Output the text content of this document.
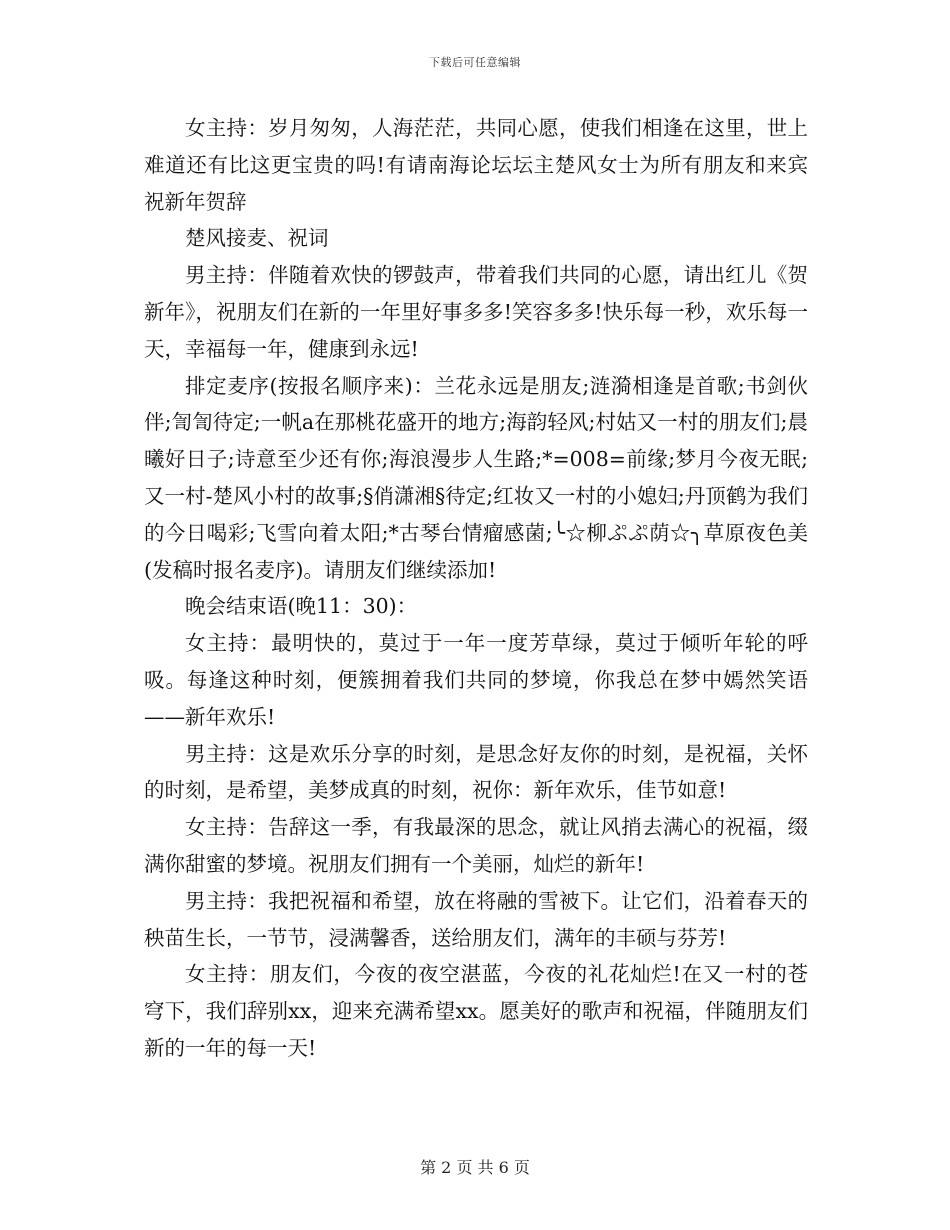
下载后可任意编辑

女主持：岁月匆匆，人海茫茫，共同心愿，使我们相逢在这里，世上难道还有比这更宝贵的吗!有请南海论坛坛主楚风女士为所有朋友和来宾祝新年贺辞

楚风接麦、祝词

男主持：伴随着欢快的锣鼓声，带着我们共同的心愿，请出红儿《贺新年》，祝朋友们在新的一年里好事多多!笑容多多!快乐每一秒，欢乐每一天，幸福每一年，健康到永远!

排定麦序(按报名顺序来)：兰花永远是朋友;涟漪相逢是首歌;书剑伙伴;訇訇待定;一帆a在那桃花盛开的地方;海韵轻风;村姑又一村的朋友们;晨曦好日子;诗意至少还有你;海浪漫步人生路;*=008=前缘;梦月今夜无眠;又一村-楚风小村的故事;§俏潇湘§待定;红妆又一村的小媳妇;丹顶鹤为我们的今日喝彩;飞雪向着太阳;*古琴台情瘤感菌;╰☆柳ぷぷ荫☆╮草原夜色美(发稿时报名麦序)。请朋友们继续添加!

晚会结束语(晚11：30)：

女主持：最明快的，莫过于一年一度芳草绿，莫过于倾听年轮的呼吸。每逢这种时刻，便簇拥着我们共同的梦境，你我总在梦中嫣然笑语——新年欢乐!

男主持：这是欢乐分享的时刻，是思念好友你的时刻，是祝福，关怀的时刻，是希望，美梦成真的时刻，祝你：新年欢乐，佳节如意!

女主持：告辞这一季，有我最深的思念，就让风捎去满心的祝福，缀满你甜蜜的梦境。祝朋友们拥有一个美丽，灿烂的新年!

男主持：我把祝福和希望，放在将融的雪被下。让它们，沿着春天的秧苗生长，一节节，浸满馨香，送给朋友们，满年的丰硕与芬芳!

女主持：朋友们，今夜的夜空湛蓝，今夜的礼花灿烂!在又一村的苍穹下，我们辞别xx，迎来充满希望xx。愿美好的歌声和祝福，伴随朋友们新的一年的每一天!

第 2 页 共 6 页
